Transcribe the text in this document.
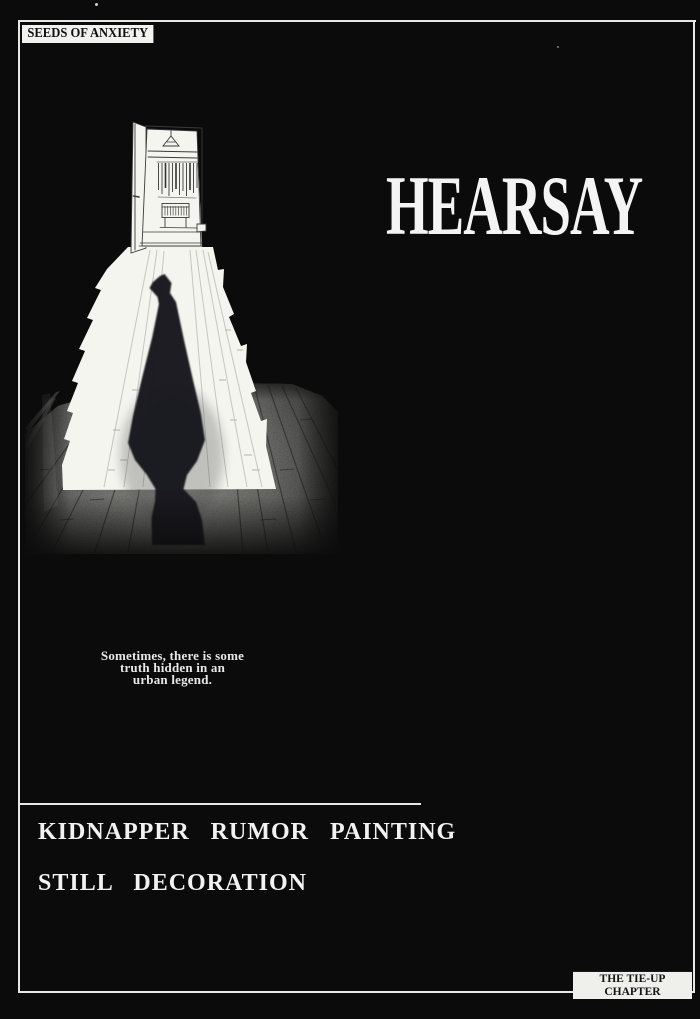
SEEDS OF ANXIETY
HEARSAY
Sometimes, there is some
truth hidden in an
urban legend.
KIDNAPPER RUMOR PAINTING
STILL DECORATION
THE TIE-UP
CHAPTER
